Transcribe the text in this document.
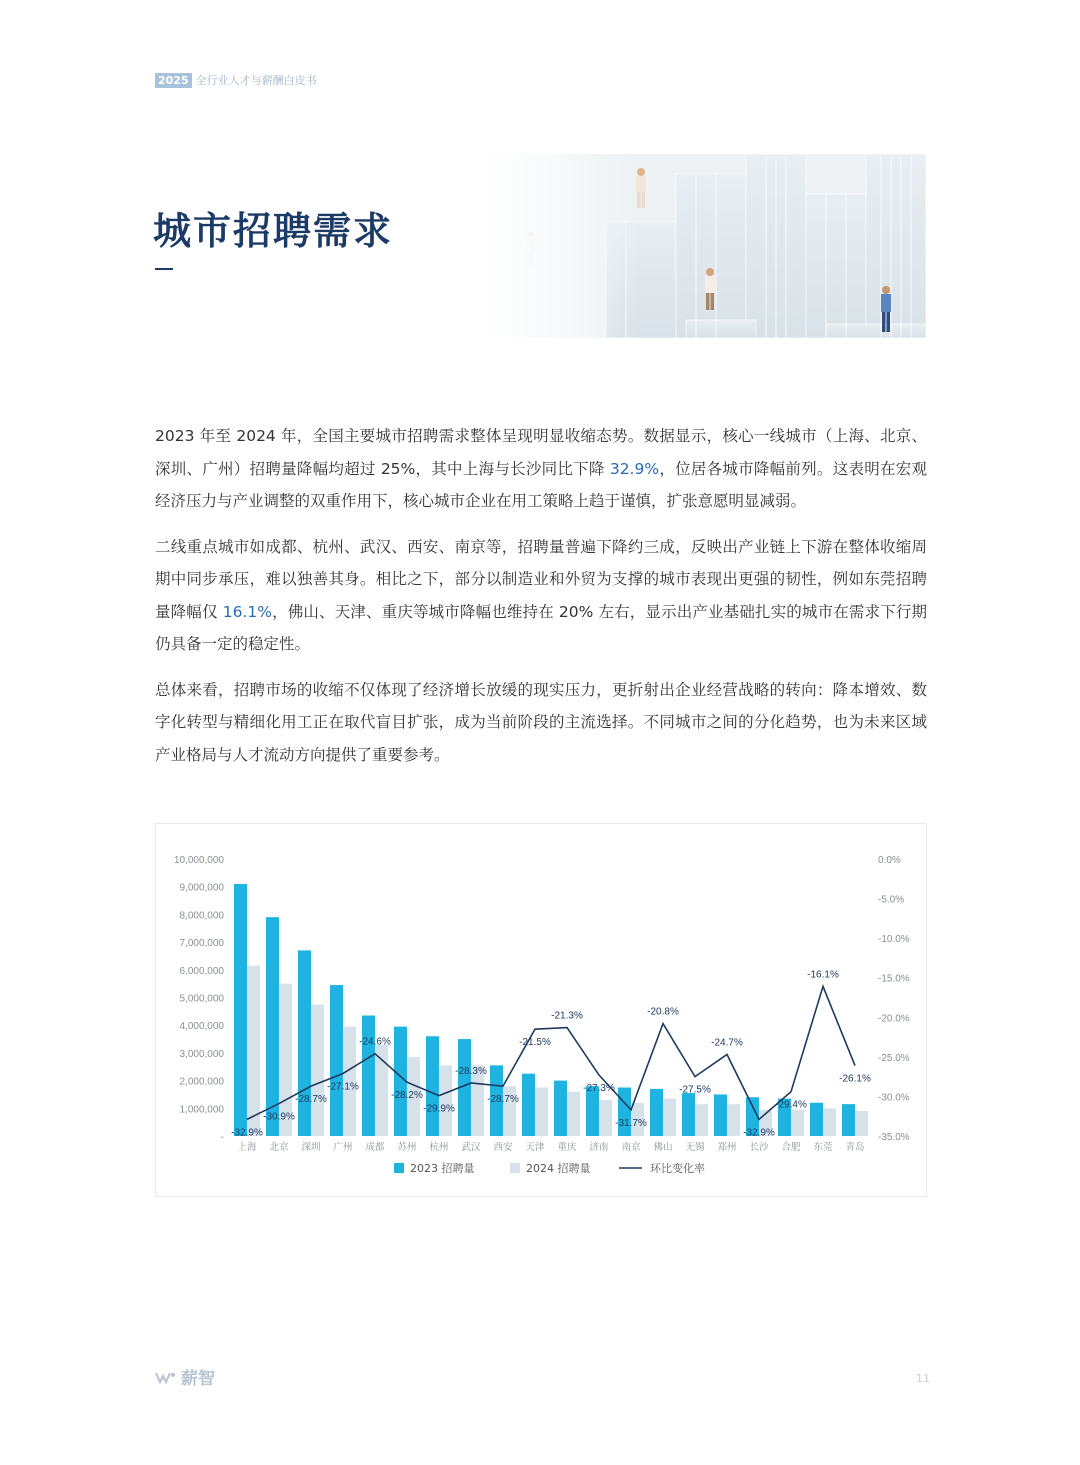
2025 全行业人才与薪酬白皮书
城市招聘需求

2023 年至 2024 年，全国主要城市招聘需求整体呈现明显收缩态势。数据显示，核心一线城市（上海、北京、深圳、广州）招聘量降幅均超过 25%，其中上海与长沙同比下降 32.9%，位居各城市降幅前列。这表明在宏观经济压力与产业调整的双重作用下，核心城市企业在用工策略上趋于谨慎，扩张意愿明显减弱。

二线重点城市如成都、杭州、武汉、西安、南京等，招聘量普遍下降约三成，反映出产业链上下游在整体收缩周期中同步承压，难以独善其身。相比之下，部分以制造业和外贸为支撑的城市表现出更强的韧性，例如东莞招聘量降幅仅 16.1%，佛山、天津、重庆等城市降幅也维持在 20% 左右，显示出产业基础扎实的城市在需求下行期仍具备一定的稳定性。

总体来看，招聘市场的收缩不仅体现了经济增长放缓的现实压力，更折射出企业经营战略的转向：降本增效、数字化转型与精细化用工正在取代盲目扩张，成为当前阶段的主流选择。不同城市之间的分化趋势，也为未来区域产业格局与人才流动方向提供了重要参考。

-
1,000,000
2,000,000
3,000,000
4,000,000
5,000,000
6,000,000
7,000,000
8,000,000
9,000,000
10,000,000	0.0%
-5.0%
-10.0%
-15.0%
-20.0%
-25.0%
-30.0%
-35.0%
上海 北京 深圳 广州 成都 苏州 杭州 武汉 西安 天津 重庆 济南 南京 佛山 无锡 郑州 长沙 合肥 东莞 青岛
-32.9%
-30.9%
-28.7%
-27.1%
-24.6%
-28.2%
-29.9%
-28.3%
-28.7%
-21.5%
-21.3%
-27.3%
-31.7%
-20.8%
-27.5%
-24.7%
-32.9%
-29.4%
-16.1%
-26.1%
2023 招聘量	2024 招聘量	环比变化率
薪智	11
